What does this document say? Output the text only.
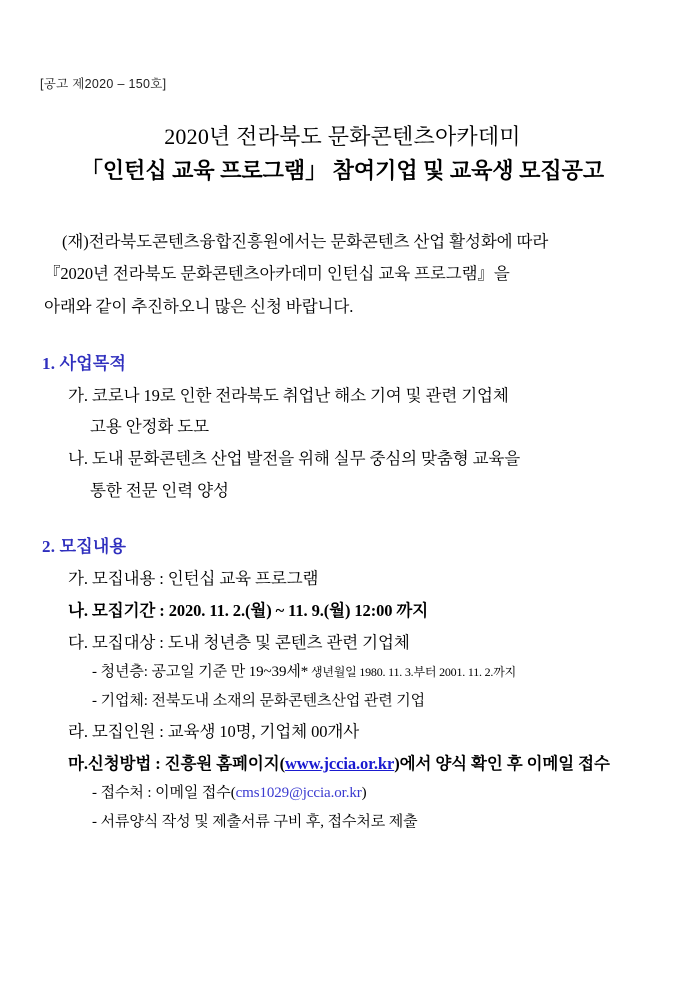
[공고 제2020 – 150호]
2020년 전라북도 문화콘텐츠아카데미
「인턴십 교육 프로그램」 참여기업 및 교육생 모집공고
(재)전라북도콘텐츠융합진흥원에서는 문화콘텐츠 산업 활성화에 따라
『2020년 전라북도 문화콘텐츠아카데미 인턴십 교육 프로그램』을
아래와 같이 추진하오니 많은 신청 바랍니다.
1. 사업목적
가. 코로나 19로 인한 전라북도 취업난 해소 기여 및 관련 기업체
고용 안정화 도모
나. 도내 문화콘텐츠 산업 발전을 위해 실무 중심의 맞춤형 교육을
통한 전문 인력 양성
2. 모집내용
가. 모집내용 : 인턴십 교육 프로그램
나. 모집기간 : 2020. 11. 2.(월) ~ 11. 9.(월) 12:00 까지
다. 모집대상 : 도내 청년층 및 콘텐츠 관련 기업체
- 청년층: 공고일 기준 만 19~39세* 생년월일 1980. 11. 3.부터 2001. 11. 2.까지
- 기업체: 전북도내 소재의 문화콘텐츠산업 관련 기업
라. 모집인원 : 교육생 10명, 기업체 00개사
마.신청방법 : 진흥원 홈페이지(www.jccia.or.kr)에서 양식 확인 후 이메일 접수
- 접수처 : 이메일 접수(cms1029@jccia.or.kr)
- 서류양식 작성 및 제출서류 구비 후, 접수처로 제출
